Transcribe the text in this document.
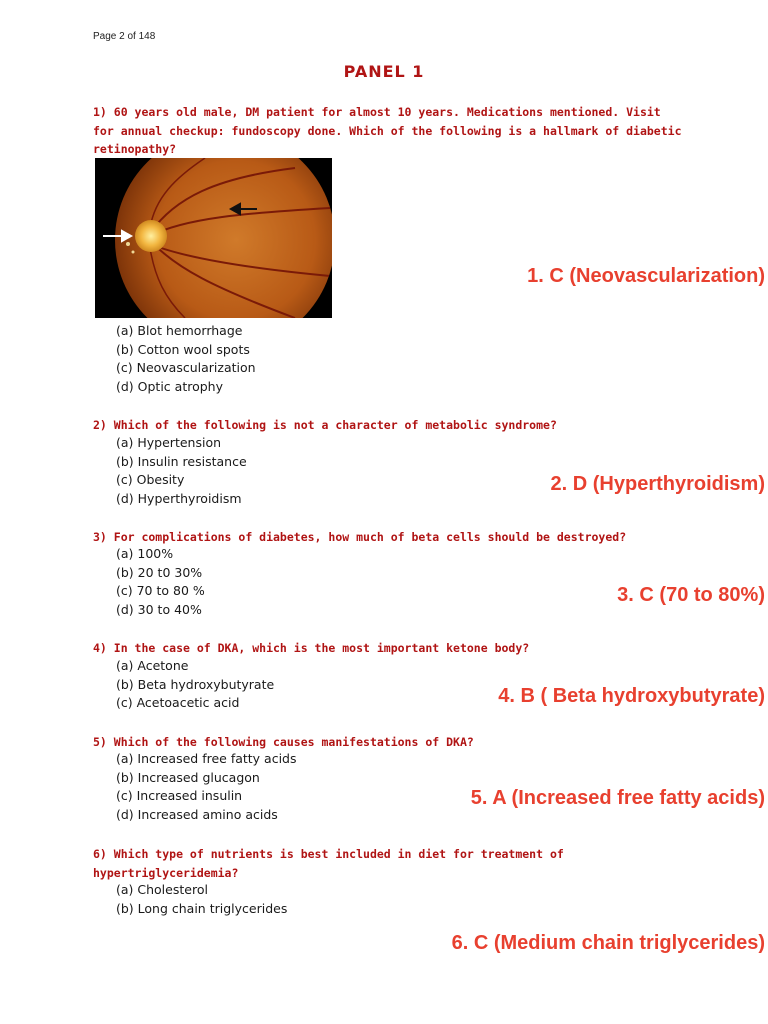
Page 2 of 148
PANEL 1
1) 60 years old male, DM patient for almost 10 years. Medications mentioned. Visit for annual checkup: fundoscopy done. Which of the following is a hallmark of diabetic retinopathy?
1. C (Neovascularization)
(a) Blot hemorrhage
(b) Cotton wool spots
(c) Neovascularization
(d) Optic atrophy
2) Which of the following is not a character of metabolic syndrome?
(a) Hypertension
(b) Insulin resistance
(c) Obesity
(d) Hyperthyroidism
2. D (Hyperthyroidism)
3) For complications of diabetes, how much of beta cells should be destroyed?
(a) 100%
(b) 20 t0 30%
(c) 70 to 80 %
(d) 30 to 40%
3. C (70 to 80%)
4) In the case of DKA, which is the most important ketone body?
(a) Acetone
(b) Beta hydroxybutyrate
(c) Acetoacetic acid	4. B ( Beta hydroxybutyrate)
5) Which of the following causes manifestations of DKA?
(a) Increased free fatty acids
(b) Increased glucagon
(c) Increased insulin
(d) Increased amino acids
5. A (Increased free fatty acids)
6) Which type of nutrients is best included in diet for treatment of hypertriglyceridemia?
(a) Cholesterol
(b) Long chain triglycerides
6. C (Medium chain triglycerides)
